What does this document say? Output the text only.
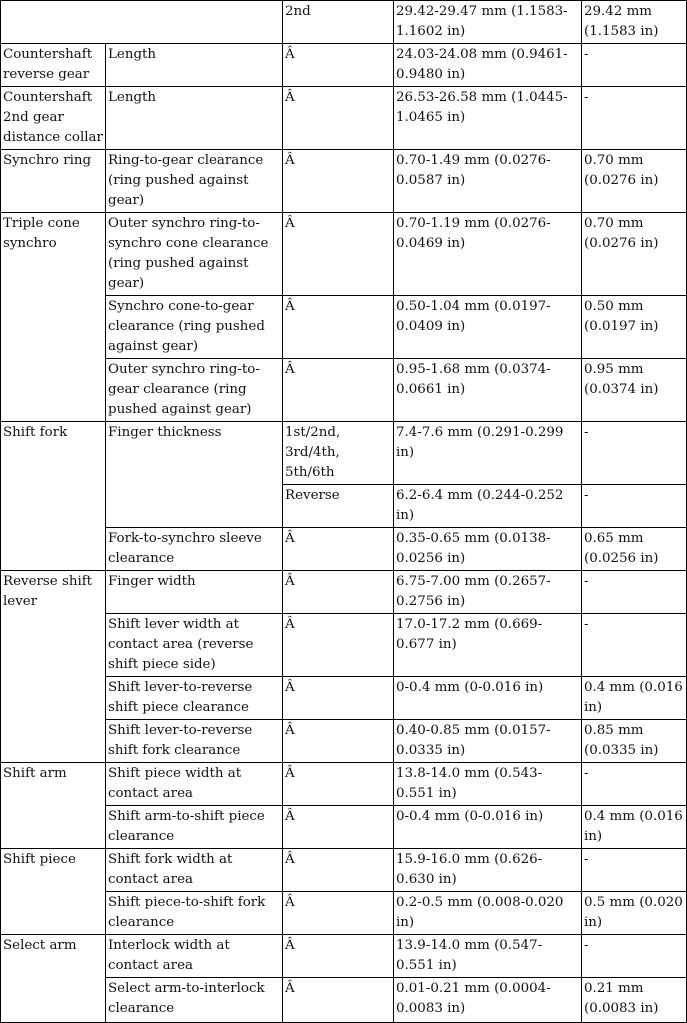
		2nd	29.42-29.47 mm (1.1583-1.1602 in)	29.42 mm (1.1583 in)
Countershaft reverse gear	Length	Â	24.03-24.08 mm (0.9461-0.9480 in)	-
Countershaft 2nd gear distance collar	Length	Â	26.53-26.58 mm (1.0445-1.0465 in)	-
Synchro ring	Ring-to-gear clearance (ring pushed against gear)	Â	0.70-1.49 mm (0.0276-0.0587 in)	0.70 mm (0.0276 in)
Triple cone synchro	Outer synchro ring-to-synchro cone clearance (ring pushed against gear)	Â	0.70-1.19 mm (0.0276-0.0469 in)	0.70 mm (0.0276 in)
	Synchro cone-to-gear clearance (ring pushed against gear)	Â	0.50-1.04 mm (0.0197-0.0409 in)	0.50 mm (0.0197 in)
	Outer synchro ring-to-gear clearance (ring pushed against gear)	Â	0.95-1.68 mm (0.0374-0.0661 in)	0.95 mm (0.0374 in)
Shift fork	Finger thickness	1st/2nd, 3rd/4th, 5th/6th	7.4-7.6 mm (0.291-0.299 in)	-
		Reverse	6.2-6.4 mm (0.244-0.252 in)	-
	Fork-to-synchro sleeve clearance	Â	0.35-0.65 mm (0.0138-0.0256 in)	0.65 mm (0.0256 in)
Reverse shift lever	Finger width	Â	6.75-7.00 mm (0.2657-0.2756 in)	-
	Shift lever width at contact area (reverse shift piece side)	Â	17.0-17.2 mm (0.669-0.677 in)	-
	Shift lever-to-reverse shift piece clearance	Â	0-0.4 mm (0-0.016 in)	0.4 mm (0.016 in)
	Shift lever-to-reverse shift fork clearance	Â	0.40-0.85 mm (0.0157-0.0335 in)	0.85 mm (0.0335 in)
Shift arm	Shift piece width at contact area	Â	13.8-14.0 mm (0.543-0.551 in)	-
	Shift arm-to-shift piece clearance	Â	0-0.4 mm (0-0.016 in)	0.4 mm (0.016 in)
Shift piece	Shift fork width at contact area	Â	15.9-16.0 mm (0.626-0.630 in)	-
	Shift piece-to-shift fork clearance	Â	0.2-0.5 mm (0.008-0.020 in)	0.5 mm (0.020 in)
Select arm	Interlock width at contact area	Â	13.9-14.0 mm (0.547-0.551 in)	-
	Select arm-to-interlock clearance	Â	0.01-0.21 mm (0.0004-0.0083 in)	0.21 mm (0.0083 in)
